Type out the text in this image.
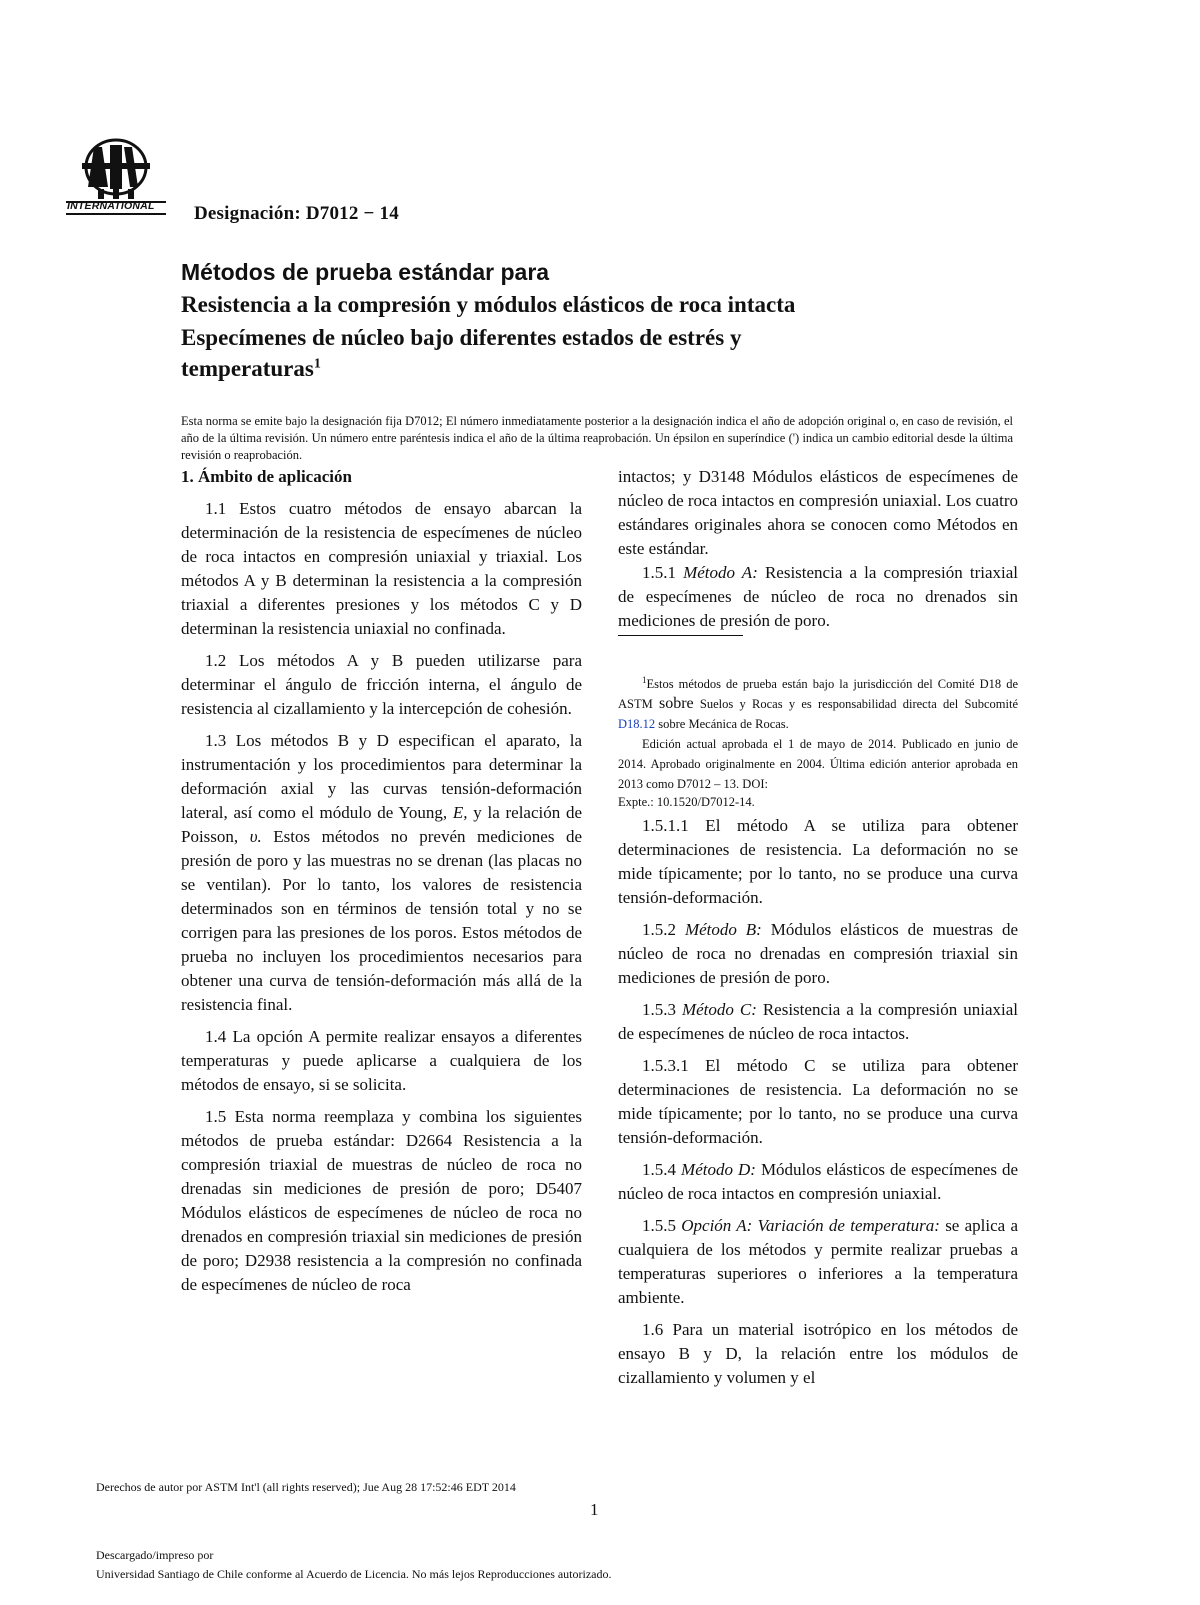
INTERNATIONAL Designación: D7012 − 14
Métodos de prueba estándar para
Resistencia a la compresión y módulos elásticos de roca intacta
Especímenes de núcleo bajo diferentes estados de estrés y
temperaturas$^1$
Esta norma se emite bajo la designación fija D7012; El número inmediatamente posterior a la designación indica el año de adopción original o, en caso de revisión, el año de la última revisión. Un número entre paréntesis indica el año de la última reaprobación. Un épsilon en superíndice (') indica un cambio editorial desde la última revisión o reaprobación.

1. Ámbito de aplicación

1.1 Estos cuatro métodos de ensayo abarcan la determinación de la resistencia de especímenes de núcleo de roca intactos en compresión uniaxial y triaxial. Los métodos A y B determinan la resistencia a la compresión triaxial a diferentes presiones y los métodos C y D determinan la resistencia uniaxial no confinada.

1.2 Los métodos A y B pueden utilizarse para determinar el ángulo de fricción interna, el ángulo de resistencia al cizallamiento y la intercepción de cohesión.

1.3 Los métodos B y D especifican el aparato, la instrumentación y los procedimientos para determinar la deformación axial y las curvas tensión-deformación lateral, así como el módulo de Young, E, y la relación de Poisson, υ. Estos métodos no prevén mediciones de presión de poro y las muestras no se drenan (las placas no se ventilan). Por lo tanto, los valores de resistencia determinados son en términos de tensión total y no se corrigen para las presiones de los poros. Estos métodos de prueba no incluyen los procedimientos necesarios para obtener una curva de tensión-deformación más allá de la resistencia final.

1.4 La opción A permite realizar ensayos a diferentes temperaturas y puede aplicarse a cualquiera de los métodos de ensayo, si se solicita.

1.5 Esta norma reemplaza y combina los siguientes métodos de prueba estándar: D2664 Resistencia a la compresión triaxial de muestras de núcleo de roca no drenadas sin mediciones de presión de poro; D5407 Módulos elásticos de especímenes de núcleo de roca no drenados en compresión triaxial sin mediciones de presión de poro; D2938 resistencia a la compresión no confinada de especímenes de núcleo de roca

intactos; y D3148 Módulos elásticos de especímenes de núcleo de roca intactos en compresión uniaxial. Los cuatro estándares originales ahora se conocen como Métodos en este estándar.

1.5.1 Método A: Resistencia a la compresión triaxial de especímenes de núcleo de roca no drenados sin mediciones de presión de poro.

$^1$Estos métodos de prueba están bajo la jurisdicción del Comité D18 de ASTM sobre Suelos y Rocas y es responsabilidad directa del Subcomité D18.12 sobre Mecánica de Rocas.

Edición actual aprobada el 1 de mayo de 2014. Publicado en junio de 2014. Aprobado originalmente en 2004. Última edición anterior aprobada en 2013 como D7012 – 13. DOI:

Expte.: 10.1520/D7012-14.

1.5.1.1 El método A se utiliza para obtener determinaciones de resistencia. La deformación no se mide típicamente; por lo tanto, no se produce una curva tensión-deformación.

1.5.2 Método B: Módulos elásticos de muestras de núcleo de roca no drenadas en compresión triaxial sin mediciones de presión de poro.

1.5.3 Método C: Resistencia a la compresión uniaxial de especímenes de núcleo de roca intactos.

1.5.3.1 El método C se utiliza para obtener determinaciones de resistencia. La deformación no se mide típicamente; por lo tanto, no se produce una curva tensión-deformación.

1.5.4 Método D: Módulos elásticos de especímenes de núcleo de roca intactos en compresión uniaxial.

1.5.5 Opción A: Variación de temperatura: se aplica a cualquiera de los métodos y permite realizar pruebas a temperaturas superiores o inferiores a la temperatura ambiente.

1.6 Para un material isotrópico en los métodos de ensayo B y D, la relación entre los módulos de cizallamiento y volumen y el

Derechos de autor por ASTM Int'l (all rights reserved); Jue Aug 28 17:52:46 EDT 2014
1
Descargado/impreso por
Universidad Santiago de Chile conforme al Acuerdo de Licencia. No más lejos Reproducciones autorizado.
